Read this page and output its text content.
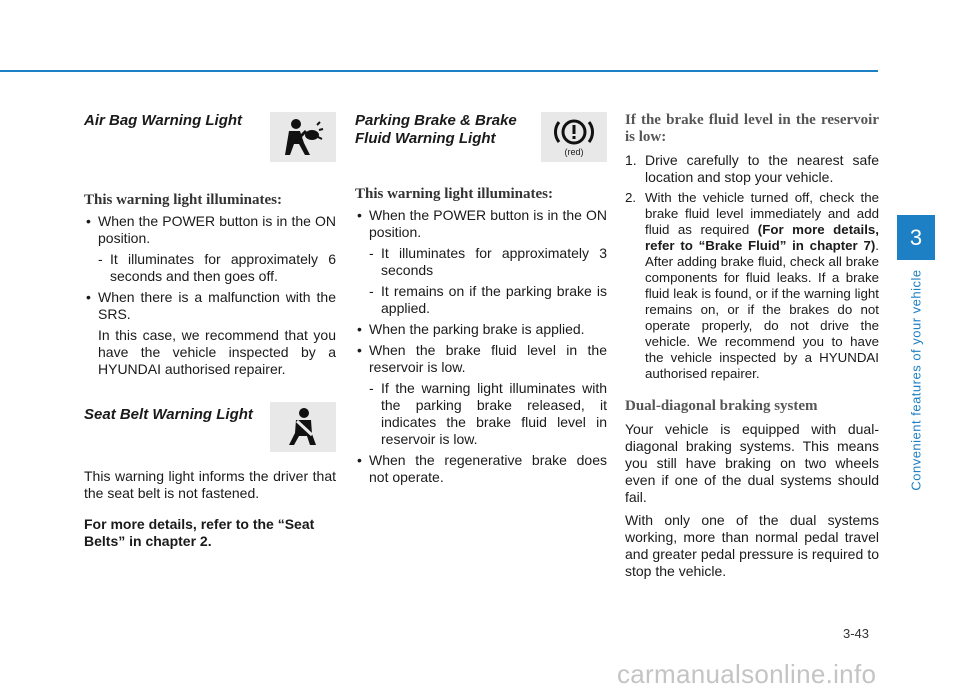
Air Bag Warning Light

This warning light illuminates:

• When the POWER button is in the ON position.

- It illuminates for approximately 6 seconds and then goes off.

• When there is a malfunction with the SRS.

In this case, we recommend that you have the vehicle inspected by a HYUNDAI authorised repairer.

Seat Belt Warning Light

This warning light informs the driver that the seat belt is not fastened.

For more details, refer to the “Seat Belts” in chapter 2.

Parking Brake & Brake Fluid Warning Light
(red)

This warning light illuminates:

• When the POWER button is in the ON position.

- It illuminates for approximately 3 seconds

- It remains on if the parking brake is applied.

• When the parking brake is applied.

• When the brake fluid level in the reservoir is low.

- If the warning light illuminates with the parking brake released, it indicates the brake fluid level in reservoir is low.

• When the regenerative brake does not operate.

If the brake fluid level in the reservoir is low:

1. Drive carefully to the nearest safe location and stop your vehicle.

2. With the vehicle turned off, check the brake fluid level immediately and add fluid as required (For more details, refer to “Brake Fluid” in chapter 7). After adding brake fluid, check all brake components for fluid leaks. If a brake fluid leak is found, or if the warning light remains on, or if the brakes do not operate properly, do not drive the vehicle. We recommend you to have the vehicle inspected by a HYUNDAI authorised repairer.

Dual-diagonal braking system

Your vehicle is equipped with dual-diagonal braking systems. This means you still have braking on two wheels even if one of the dual systems should fail.

With only one of the dual systems working, more than normal pedal travel and greater pedal pressure is required to stop the vehicle.

3
Convenient features of your vehicle
3-43
carmanualsonline.info
